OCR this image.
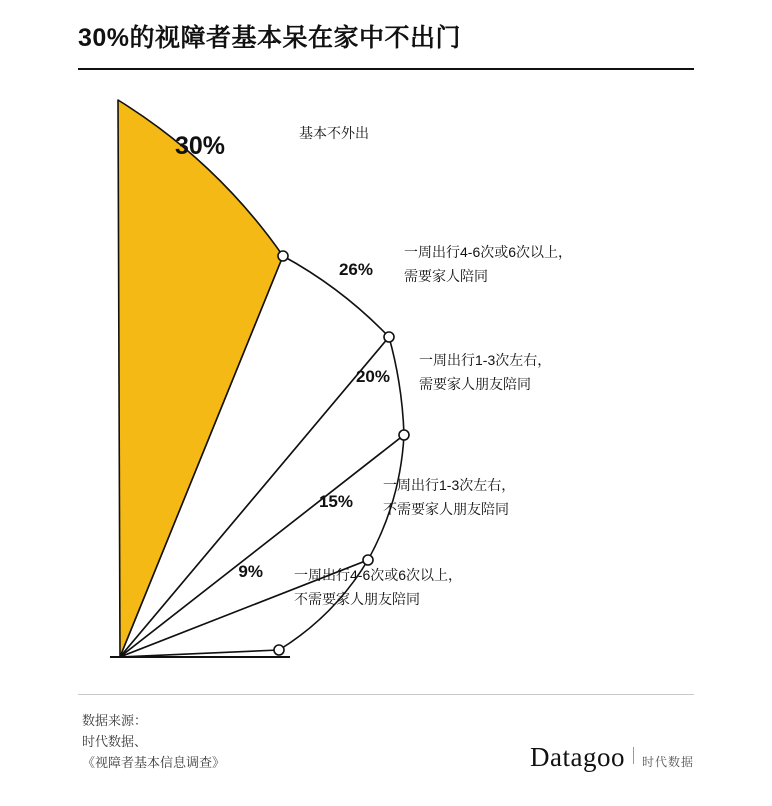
30%的视障者基本呆在家中不出门
30%	基本不外出
26%
一周出行4-6次或6次以上，
需要家人陪同
20%
一周出行1-3次左右，
需要家人朋友陪同
15%
一周出行1-3次左右，
不需要家人朋友陪同
9% 一周出行4-6次或6次以上，
不需要家人朋友陪同
数据来源：
时代数据、
《视障者基本信息调查》	Datagoo 时代数据
